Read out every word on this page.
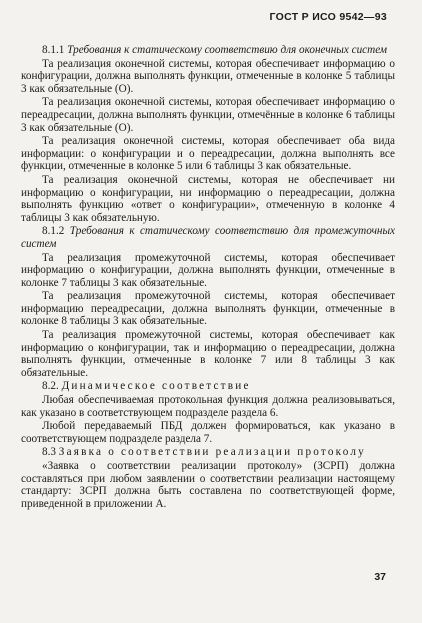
ГОСТ Р ИСО 9542—93

8.1.1 Требования к статическому соответствию для оконечных систем

Та реализация оконечной системы, которая обеспечивает информацию о конфигурации, должна выполнять функции, отмеченные в колонке 5 таблицы 3 как обязательные (О).

Та реализация оконечной системы, которая обеспечивает информацию о переадресации, должна выполнять функции, отмечённые в колонке 6 таблицы 3 как обязательные (О).

Та реализация оконечной системы, которая обеспечивает оба вида информации: о конфигурации и о переадресации, должна выполнять все функции, отмеченные в колонке 5 или 6 таблицы 3 как обязательные.

Та реализация оконечной системы, которая не обеспечивает ни информацию о конфигурации, ни информацию о переадресации, должна выполнять функцию «ответ о конфигурации», отмеченную в колонке 4 таблицы 3 как обязательную.

8.1.2 Требования к статическому соответствию для промежуточных систем

Та реализация промежуточной системы, которая обеспечивает информацию о конфигурации, должна выполнять функции, отмеченные в колонке 7 таблицы 3 как обязательные.

Та реализация промежуточной системы, которая обеспечивает информацию переадресации, должна выполнять функции, отмеченные в колонке 8 таблицы 3 как обязательные.

Та реализация промежуточной системы, которая обеспечивает как информацию о конфигурации, так и информацию о переадресации, должна выполнять функции, отмеченные в колонке 7 или 8 таблицы 3 как обязательные.

8.2. Динамическое соответствие

Любая обеспечиваемая протокольная функция должна реализовываться, как указано в соответствующем подразделе раздела 6.

Любой передаваемый ПБД должен формироваться, как указано в соответствующем подразделе раздела 7.

8.3 Заявка о соответствии реализации протоколу

«Заявка о соответствии реализации протоколу» (ЗСРП) должна составляться при любом заявлении о соответствии реализации настоящему стандарту: ЗСРП должна быть составлена по соответствующей форме, приведенной в приложении А.

37
